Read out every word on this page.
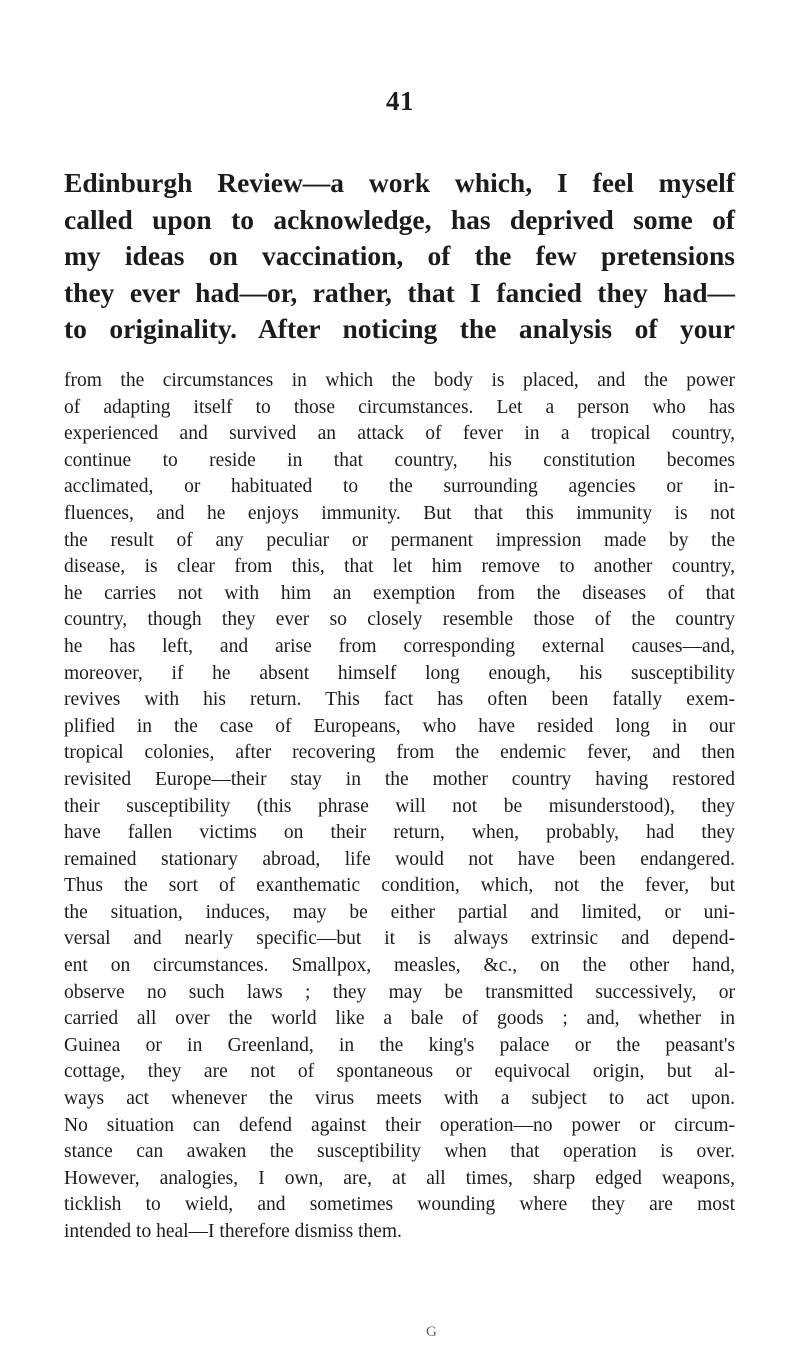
41
Edinburgh Review—a work which, I feel myself
called upon to acknowledge, has deprived some of
my ideas on vaccination, of the few pretensions
they ever had—or, rather, that I fancied they had—
to originality. After noticing the analysis of your
from the circumstances in which the body is placed, and the power
of adapting itself to those circumstances. Let a person who has
experienced and survived an attack of fever in a tropical country,
continue to reside in that country, his constitution becomes
acclimated, or habituated to the surrounding agencies or in-
fluences, and he enjoys immunity. But that this immunity is not
the result of any peculiar or permanent impression made by the
disease, is clear from this, that let him remove to another country,
he carries not with him an exemption from the diseases of that
country, though they ever so closely resemble those of the country
he has left, and arise from corresponding external causes—and,
moreover, if he absent himself long enough, his susceptibility
revives with his return. This fact has often been fatally exem-
plified in the case of Europeans, who have resided long in our
tropical colonies, after recovering from the endemic fever, and then
revisited Europe—their stay in the mother country having restored
their susceptibility (this phrase will not be misunderstood), they
have fallen victims on their return, when, probably, had they
remained stationary abroad, life would not have been endangered.
Thus the sort of exanthematic condition, which, not the fever, but
the situation, induces, may be either partial and limited, or uni-
versal and nearly specific—but it is always extrinsic and depend-
ent on circumstances. Smallpox, measles, &c., on the other hand,
observe no such laws ; they may be transmitted successively, or
carried all over the world like a bale of goods ; and, whether in
Guinea or in Greenland, in the king's palace or the peasant's
cottage, they are not of spontaneous or equivocal origin, but al-
ways act whenever the virus meets with a subject to act upon.
No situation can defend against their operation—no power or circum-
stance can awaken the susceptibility when that operation is over.
However, analogies, I own, are, at all times, sharp edged weapons,
ticklish to wield, and sometimes wounding where they are most
intended to heal—I therefore dismiss them.
G
